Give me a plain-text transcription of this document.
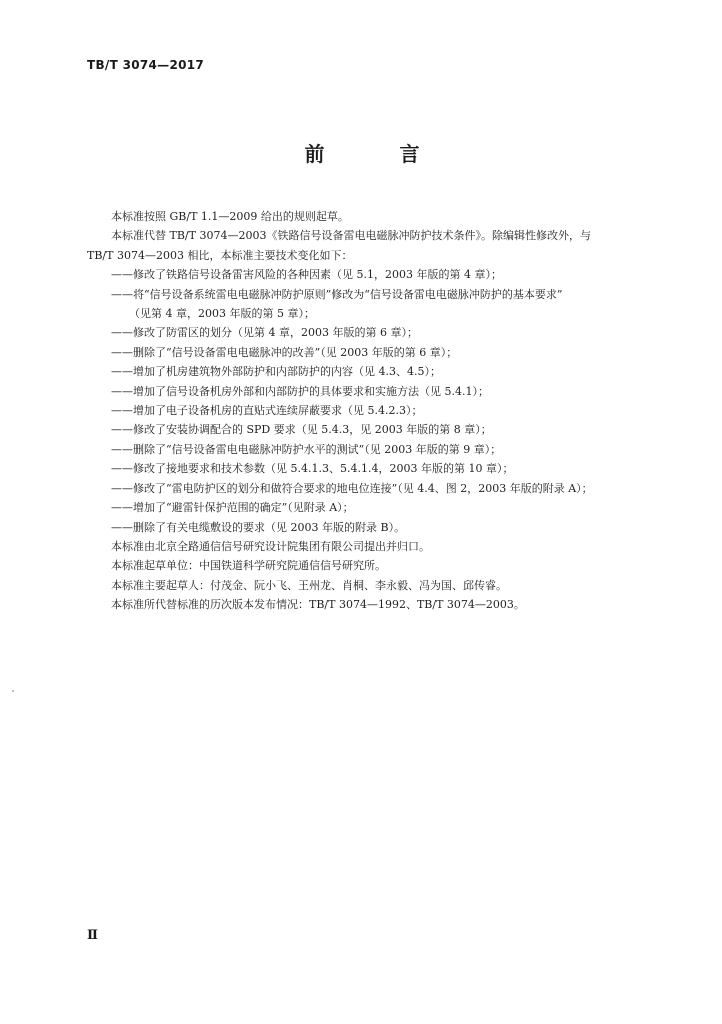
TB/T 3074—2017
前 言

本标准按照 GB/T 1.1—2009 给出的规则起草。

本标准代替 TB/T 3074—2003《铁路信号设备雷电电磁脉冲防护技术条件》。除编辑性修改外，与

TB/T 3074—2003 相比，本标准主要技术变化如下：

——修改了铁路信号设备雷害风险的各种因素（见 5.1，2003 年版的第 4 章）；

——将“信号设备系统雷电电磁脉冲防护原则”修改为“信号设备雷电电磁脉冲防护的基本要求”

（见第 4 章，2003 年版的第 5 章）；

——修改了防雷区的划分（见第 4 章，2003 年版的第 6 章）；

——删除了“信号设备雷电电磁脉冲的改善”（见 2003 年版的第 6 章）；

——增加了机房建筑物外部防护和内部防护的内容（见 4.3、4.5）；

——增加了信号设备机房外部和内部防护的具体要求和实施方法（见 5.4.1）；

——增加了电子设备机房的直贴式连续屏蔽要求（见 5.4.2.3）；

——修改了安装协调配合的 SPD 要求（见 5.4.3，见 2003 年版的第 8 章）；

——删除了“信号设备雷电电磁脉冲防护水平的测试”（见 2003 年版的第 9 章）；

——修改了接地要求和技术参数（见 5.4.1.3、5.4.1.4，2003 年版的第 10 章）；

——修改了“雷电防护区的划分和做符合要求的地电位连接”（见 4.4、图 2，2003 年版的附录 A）；

——增加了“避雷针保护范围的确定”（见附录 A）；

——删除了有关电缆敷设的要求（见 2003 年版的附录 B）。

本标准由北京全路通信信号研究设计院集团有限公司提出并归口。

本标准起草单位：中国铁道科学研究院通信信号研究所。

本标准主要起草人：付茂金、阮小飞、王州龙、肖桐、李永毅、冯为国、邱传睿。

本标准所代替标准的历次版本发布情况：TB/T 3074—1992、TB/T 3074—2003。

Ⅱ
